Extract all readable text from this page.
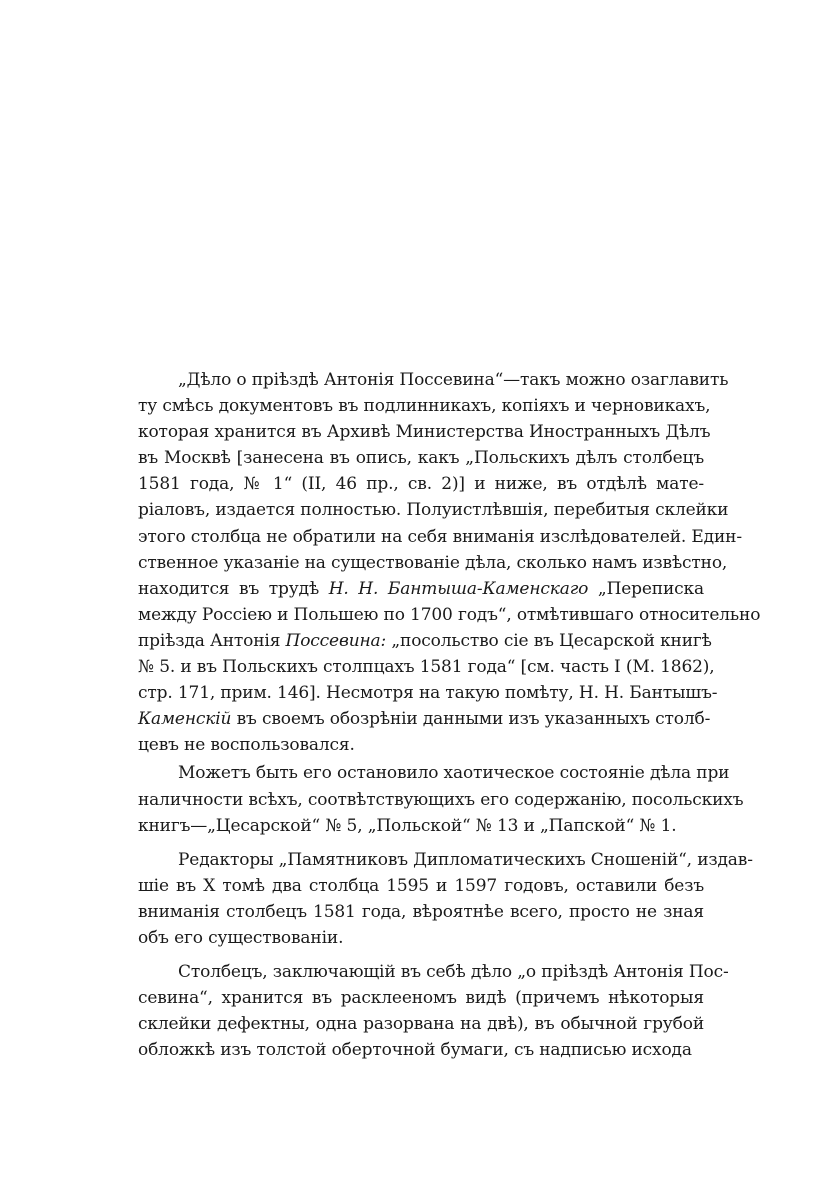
„Дѣло о пріѣздѣ Антонія Поссевина“—такъ можно озаглавить
ту смѣсь документовъ въ подлинникахъ, копіяхъ и черновикахъ,
которая хранится въ Архивѣ Министерства Иностранныхъ Дѣлъ
въ Москвѣ [занесена въ опись, какъ „Польскихъ дѣлъ столбецъ
1581 года, № 1“ (II, 46 пр., св. 2)] и ниже, въ отдѣлѣ мате-
ріаловъ, издается полностью. Полуистлѣвшія, перебитыя склейки
этого столбца не обратили на себя вниманія изслѣдователей. Един-
ственное указаніе на существованіе дѣла, сколько намъ извѣстно,
находится въ трудѣ Н. Н. Бантыша-Каменскаго „Переписка
между Россіею и Польшею по 1700 годъ“, отмѣтившаго относительно
пріѣзда Антонія Поссевина: „посольство сіе въ Цесарской книгѣ
№ 5. и въ Польскихъ столпцахъ 1581 года“ [см. часть I (М. 1862),
стр. 171, прим. 146]. Несмотря на такую помѣту, Н. Н. Бантышъ-
Каменскій въ своемъ обозрѣніи данными изъ указанныхъ столб-
цевъ не воспользовался.
Можетъ быть его остановило хаотическое состояніе дѣла при
наличности всѣхъ, соотвѣтствующихъ его содержанію, посольскихъ
книгъ—„Цесарской“ № 5, „Польской“ № 13 и „Папской“ № 1.
Редакторы „Памятниковъ Дипломатическихъ Сношеній“, издав-
шіе въ X томѣ два столбца 1595 и 1597 годовъ, оставили безъ
вниманія столбецъ 1581 года, вѣроятнѣе всего, просто не зная
объ его существованіи.
Столбецъ, заключающій въ себѣ дѣло „о пріѣздѣ Антонія Пос-
севина“, хранится въ расклееномъ видѣ (причемъ нѣкоторыя
склейки дефектны, одна разорвана на двѣ), въ обычной грубой
обложкѣ изъ толстой оберточной бумаги, съ надписью исхода
